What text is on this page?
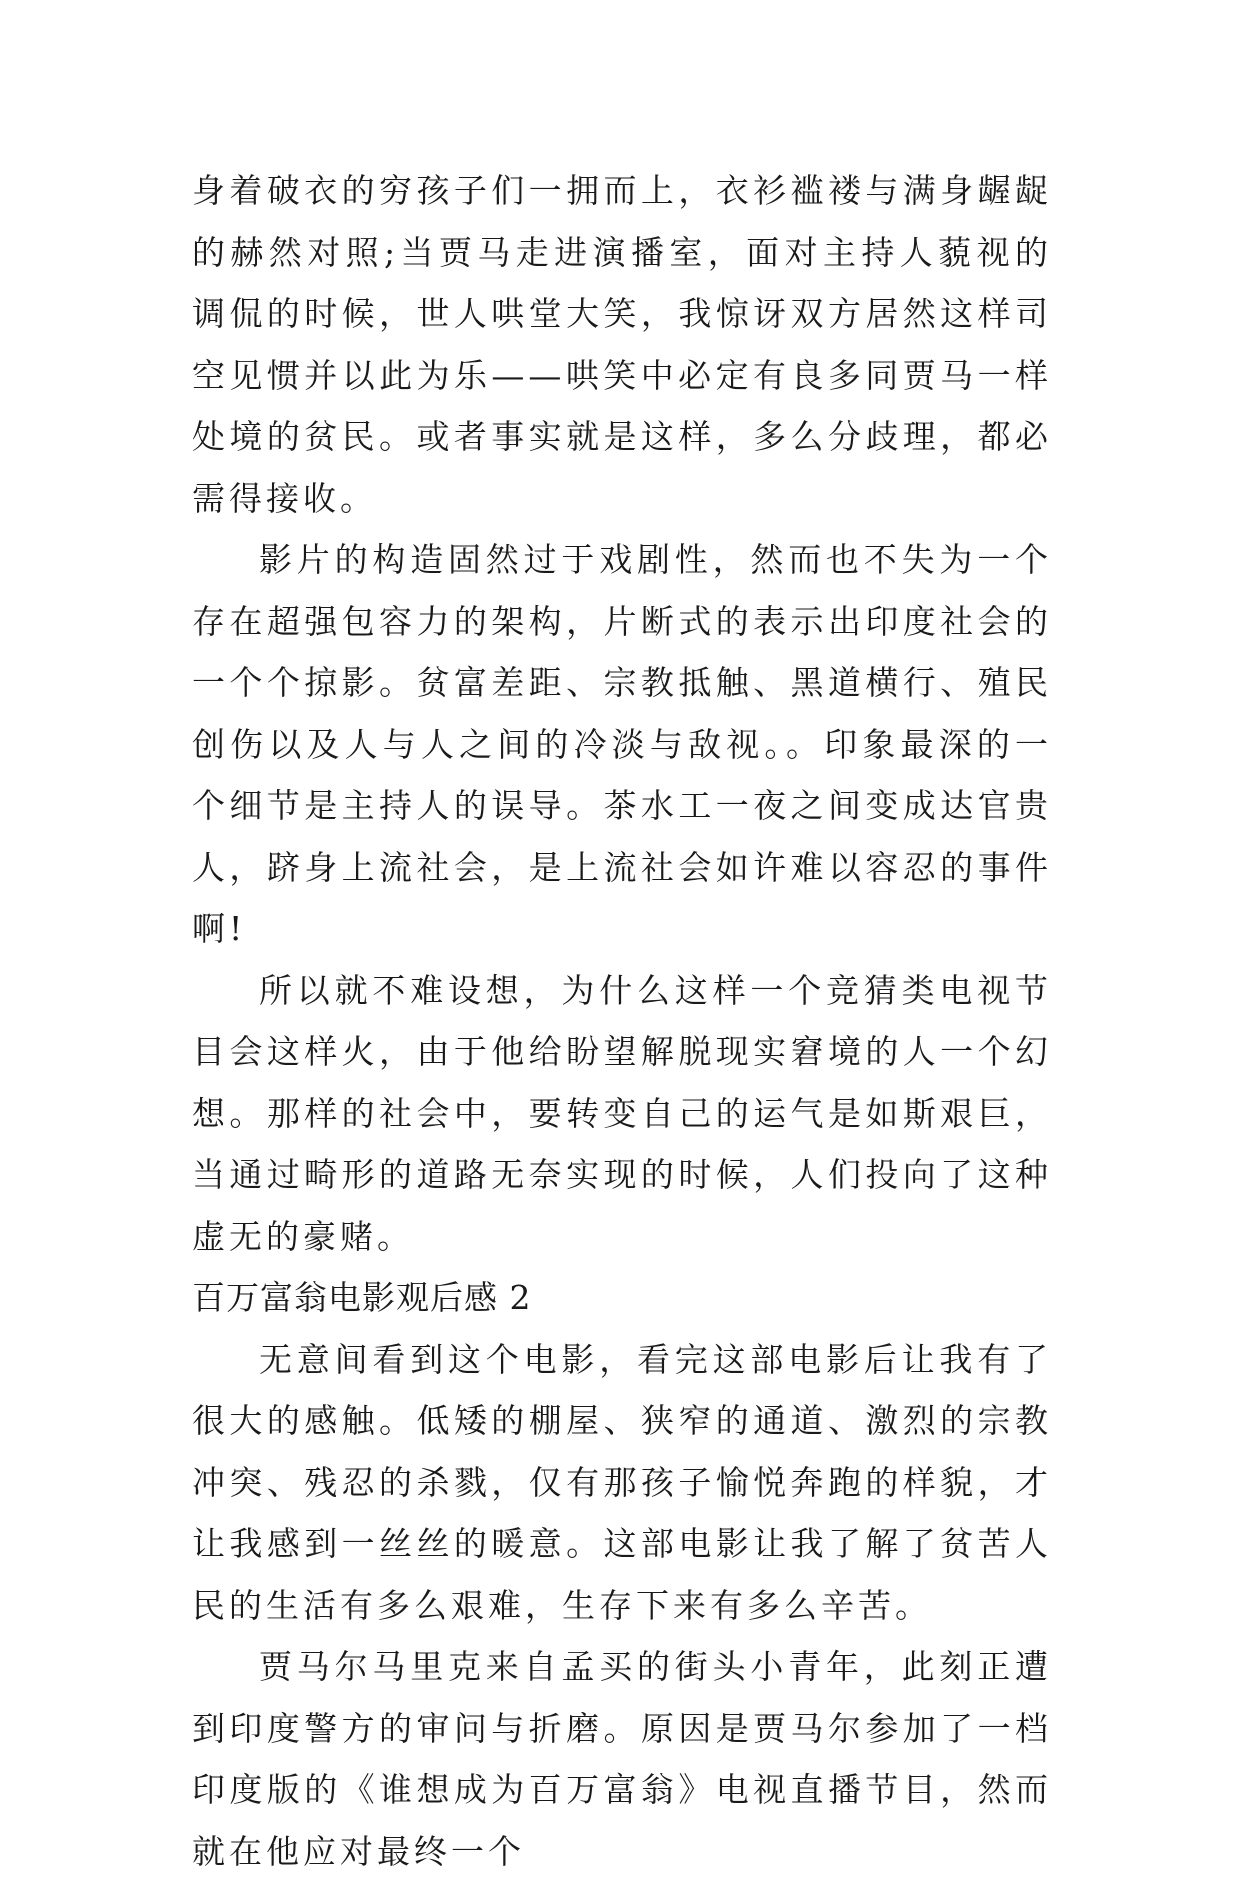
身着破衣的穷孩子们一拥而上，衣衫褴褛与满身龌龊的赫然对照;当贾马走进演播室，面对主持人藐视的调侃的时候，世人哄堂大笑，我惊讶双方居然这样司空见惯并以此为乐——哄笑中必定有良多同贾马一样处境的贫民。或者事实就是这样，多么分歧理，都必需得接收。

影片的构造固然过于戏剧性，然而也不失为一个存在超强包容力的架构，片断式的表示出印度社会的一个个掠影。贫富差距、宗教抵触、黑道横行、殖民创伤以及人与人之间的冷淡与敌视。。印象最深的一个细节是主持人的误导。茶水工一夜之间变成达官贵人，跻身上流社会，是上流社会如许难以容忍的事件啊!

所以就不难设想，为什么这样一个竞猜类电视节目会这样火，由于他给盼望解脱现实窘境的人一个幻想。那样的社会中，要转变自己的运气是如斯艰巨，当通过畸形的道路无奈实现的时候，人们投向了这种虚无的豪赌。

百万富翁电影观后感 2

无意间看到这个电影，看完这部电影后让我有了很大的感触。低矮的棚屋、狭窄的通道、激烈的宗教冲突、残忍的杀戮，仅有那孩子愉悦奔跑的样貌，才让我感到一丝丝的暖意。这部电影让我了解了贫苦人民的生活有多么艰难，生存下来有多么辛苦。

贾马尔马里克来自孟买的街头小青年，此刻正遭到印度警方的审问与折磨。原因是贾马尔参加了一档印度版的《谁想成为百万富翁》电视直播节目，然而就在他应对最终一个
